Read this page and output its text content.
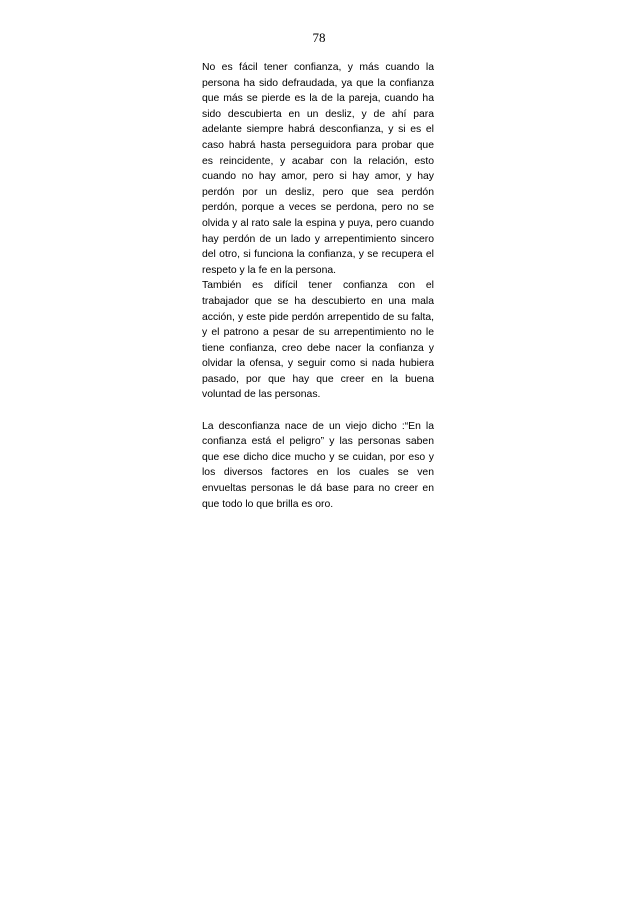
78

No es fácil tener confianza, y más cuando la persona ha sido defraudada, ya que la confianza que más se pierde es la de la pareja, cuando ha sido descubierta en un desliz, y de ahí para adelante siempre habrá desconfianza, y si es el caso habrá hasta perseguidora para probar que es reincidente, y acabar con la relación, esto cuando no hay amor, pero si hay amor, y hay perdón por un desliz, pero que sea perdón perdón, porque a veces se perdona, pero no se olvida y al rato sale la espina y puya, pero cuando hay perdón de un lado y arrepentimiento sincero del otro, si funciona la confianza, y se recupera el respeto y la fe en la persona.

También es difícil tener confianza con el trabajador que se ha descubierto en una mala acción, y este pide perdón arrepentido de su falta, y el patrono a pesar de su arrepentimiento no le tiene confianza, creo debe nacer la confianza y olvidar la ofensa, y seguir como si nada hubiera pasado, por que hay que creer en la buena voluntad de las personas.

La desconfianza nace de un viejo dicho :“En la confianza está el peligro” y las personas saben que ese dicho dice mucho y se cuidan, por eso y los diversos factores en los cuales se ven envueltas personas le dá base para no creer en que todo lo que brilla es oro.
